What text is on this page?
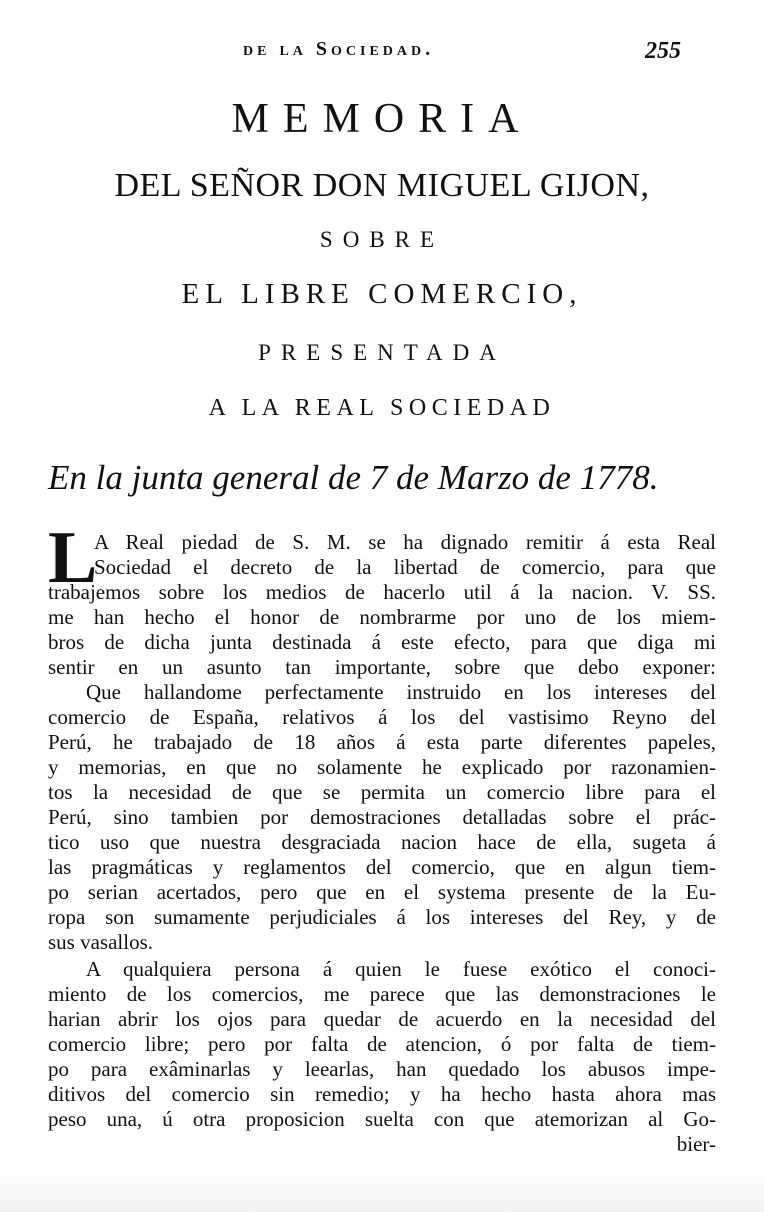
de la Sociedad.	255
MEMORIA
DEL SEÑOR DON MIGUEL GIJON,
SOBRE
EL LIBRE COMERCIO,
PRESENTADA
A LA REAL SOCIEDAD
En la junta general de 7 de Marzo de 1778.
L
A Real piedad de S. M. se ha dignado remitir á esta Real
Sociedad el decreto de la libertad de comercio, para que
trabajemos sobre los medios de hacerlo util á la nacion. V. SS.
me han hecho el honor de nombrarme por uno de los miem-
bros de dicha junta destinada á este efecto, para que diga mi
sentir en un asunto tan importante, sobre que debo exponer:
Que hallandome perfectamente instruido en los intereses del
comercio de España, relativos á los del vastisimo Reyno del
Perú, he trabajado de 18 años á esta parte diferentes papeles,
y memorias, en que no solamente he explicado por razonamien-
tos la necesidad de que se permita un comercio libre para el
Perú, sino tambien por demostraciones detalladas sobre el prác-
tico uso que nuestra desgraciada nacion hace de ella, sugeta á
las pragmáticas y reglamentos del comercio, que en algun tiem-
po serian acertados, pero que en el systema presente de la Eu-
ropa son sumamente perjudiciales á los intereses del Rey, y de
sus vasallos.
A qualquiera persona á quien le fuese exótico el conoci-
miento de los comercios, me parece que las demonstraciones le
harian abrir los ojos para quedar de acuerdo en la necesidad del
comercio libre; pero por falta de atencion, ó por falta de tiem-
po para exâminarlas y leearlas, han quedado los abusos impe-
ditivos del comercio sin remedio; y ha hecho hasta ahora mas
peso una, ú otra proposicion suelta con que atemorizan al Go-
bier-
